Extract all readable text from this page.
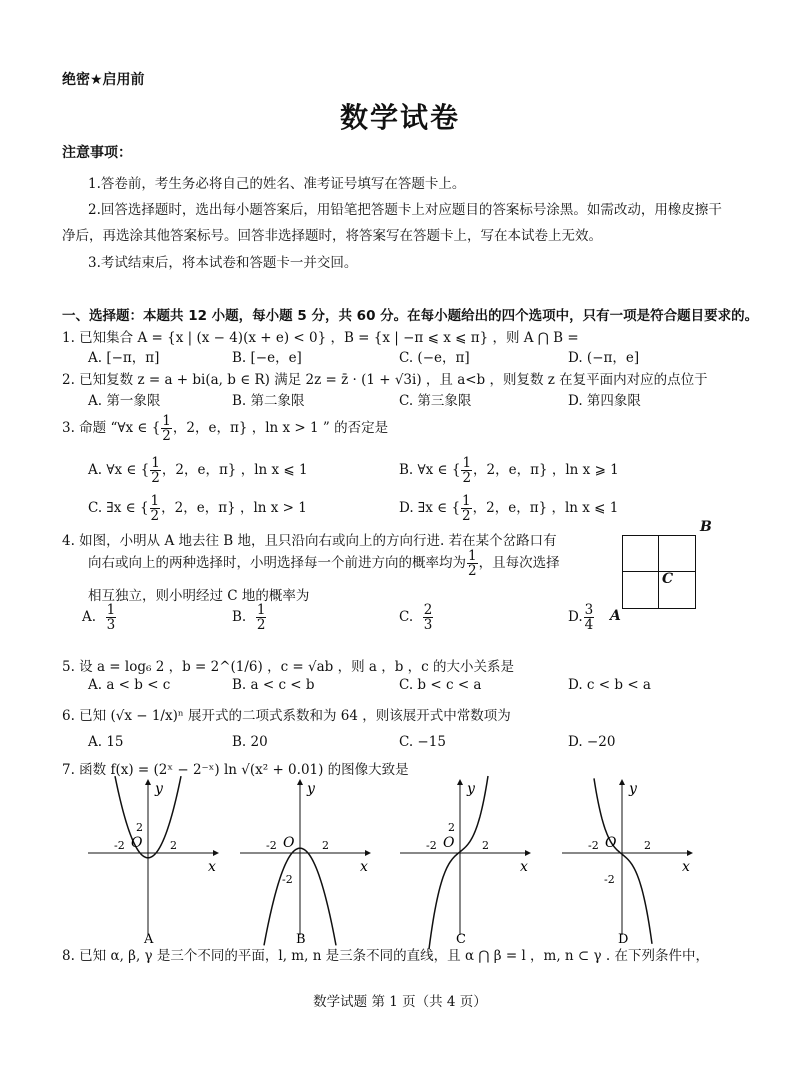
绝密★启用前
数学试卷
注意事项：
1.答卷前，考生务必将自己的姓名、准考证号填写在答题卡上。
2.回答选择题时，选出每小题答案后，用铅笔把答题卡上对应题目的答案标号涂黑。如需改动，用橡皮擦干
净后，再选涂其他答案标号。回答非选择题时，将答案写在答题卡上，写在本试卷上无效。
3.考试结束后，将本试卷和答题卡一并交回。
一、选择题：本题共 12 小题，每小题 5 分，共 60 分。在每小题给出的四个选项中，只有一项是符合题目要求的。
1. 已知集合 A = {x | (x − 4)(x + e) < 0} ，B = {x | −π ⩽ x ⩽ π} ，则 A ⋂ B =
A. [−π，π]	B. [−e，e]	C. (−e，π]	D. (−π，e]
2. 已知复数 z = a + bi(a, b ∈ R) 满足 2z = z̄ · (1 + √3i) ，且 a<b ，则复数 z 在复平面内对应的点位于
A. 第一象限	B. 第二象限	C. 第三象限	D. 第四象限
3. 命题 “∀x ∈ { $\frac{1}{2}$ ，2，e，π} ，ln x > 1 ” 的否定是
A. ∀x ∈ { $\frac{1}{2}$ ，2，e，π} ，ln x ⩽ 1	B. ∀x ∈ { $\frac{1}{2}$ ，2，e，π} ，ln x ⩾ 1
C. ∃x ∈ { $\frac{1}{2}$ ，2，e，π} ，ln x > 1	D. ∃x ∈ { $\frac{1}{2}$ ，2，e，π} ，ln x ⩽ 1
4. 如图，小明从 A 地去往 B 地，且只沿向右或向上的方向行进. 若在某个岔路口有
向右或向上的两种选择时，小明选择每一个前进方向的概率均为 $\frac{1}{2}$ ，且每次选择
相互独立，则小明经过 C 地的概率为
A. $\frac{1}{3}$	B. $\frac{1}{2}$	C. $\frac{2}{3}$	D. $\frac{3}{4}$
B
C
A
5. 设 a = log₆ 2 ，b = 2^(1/6) ，c = √ab ，则 a ，b ，c 的大小关系是
A. a < b < c	B. a < c < b	C. b < c < a	D. c < b < a
6. 已知 (√x − 1/x)ⁿ 展开式的二项式系数和为 64 ，则该展开式中常数项为
A. 15	B. 20	C. −15	D. −20
7. 函数 f(x) = (2ˣ − 2⁻ˣ) ln √(x² + 0.01) 的图像大致是
-2	2
2
O
x
y
A
-2	2
-2
O
x
y
B
-2	2
2
O
x
y
C
-2	2
-2
O
x
y
D
8. 已知 α, β, γ 是三个不同的平面，l, m, n 是三条不同的直线，且 α ⋂ β = l ，m, n ⊂ γ . 在下列条件中，
数学试题 第 1 页（共 4 页）
